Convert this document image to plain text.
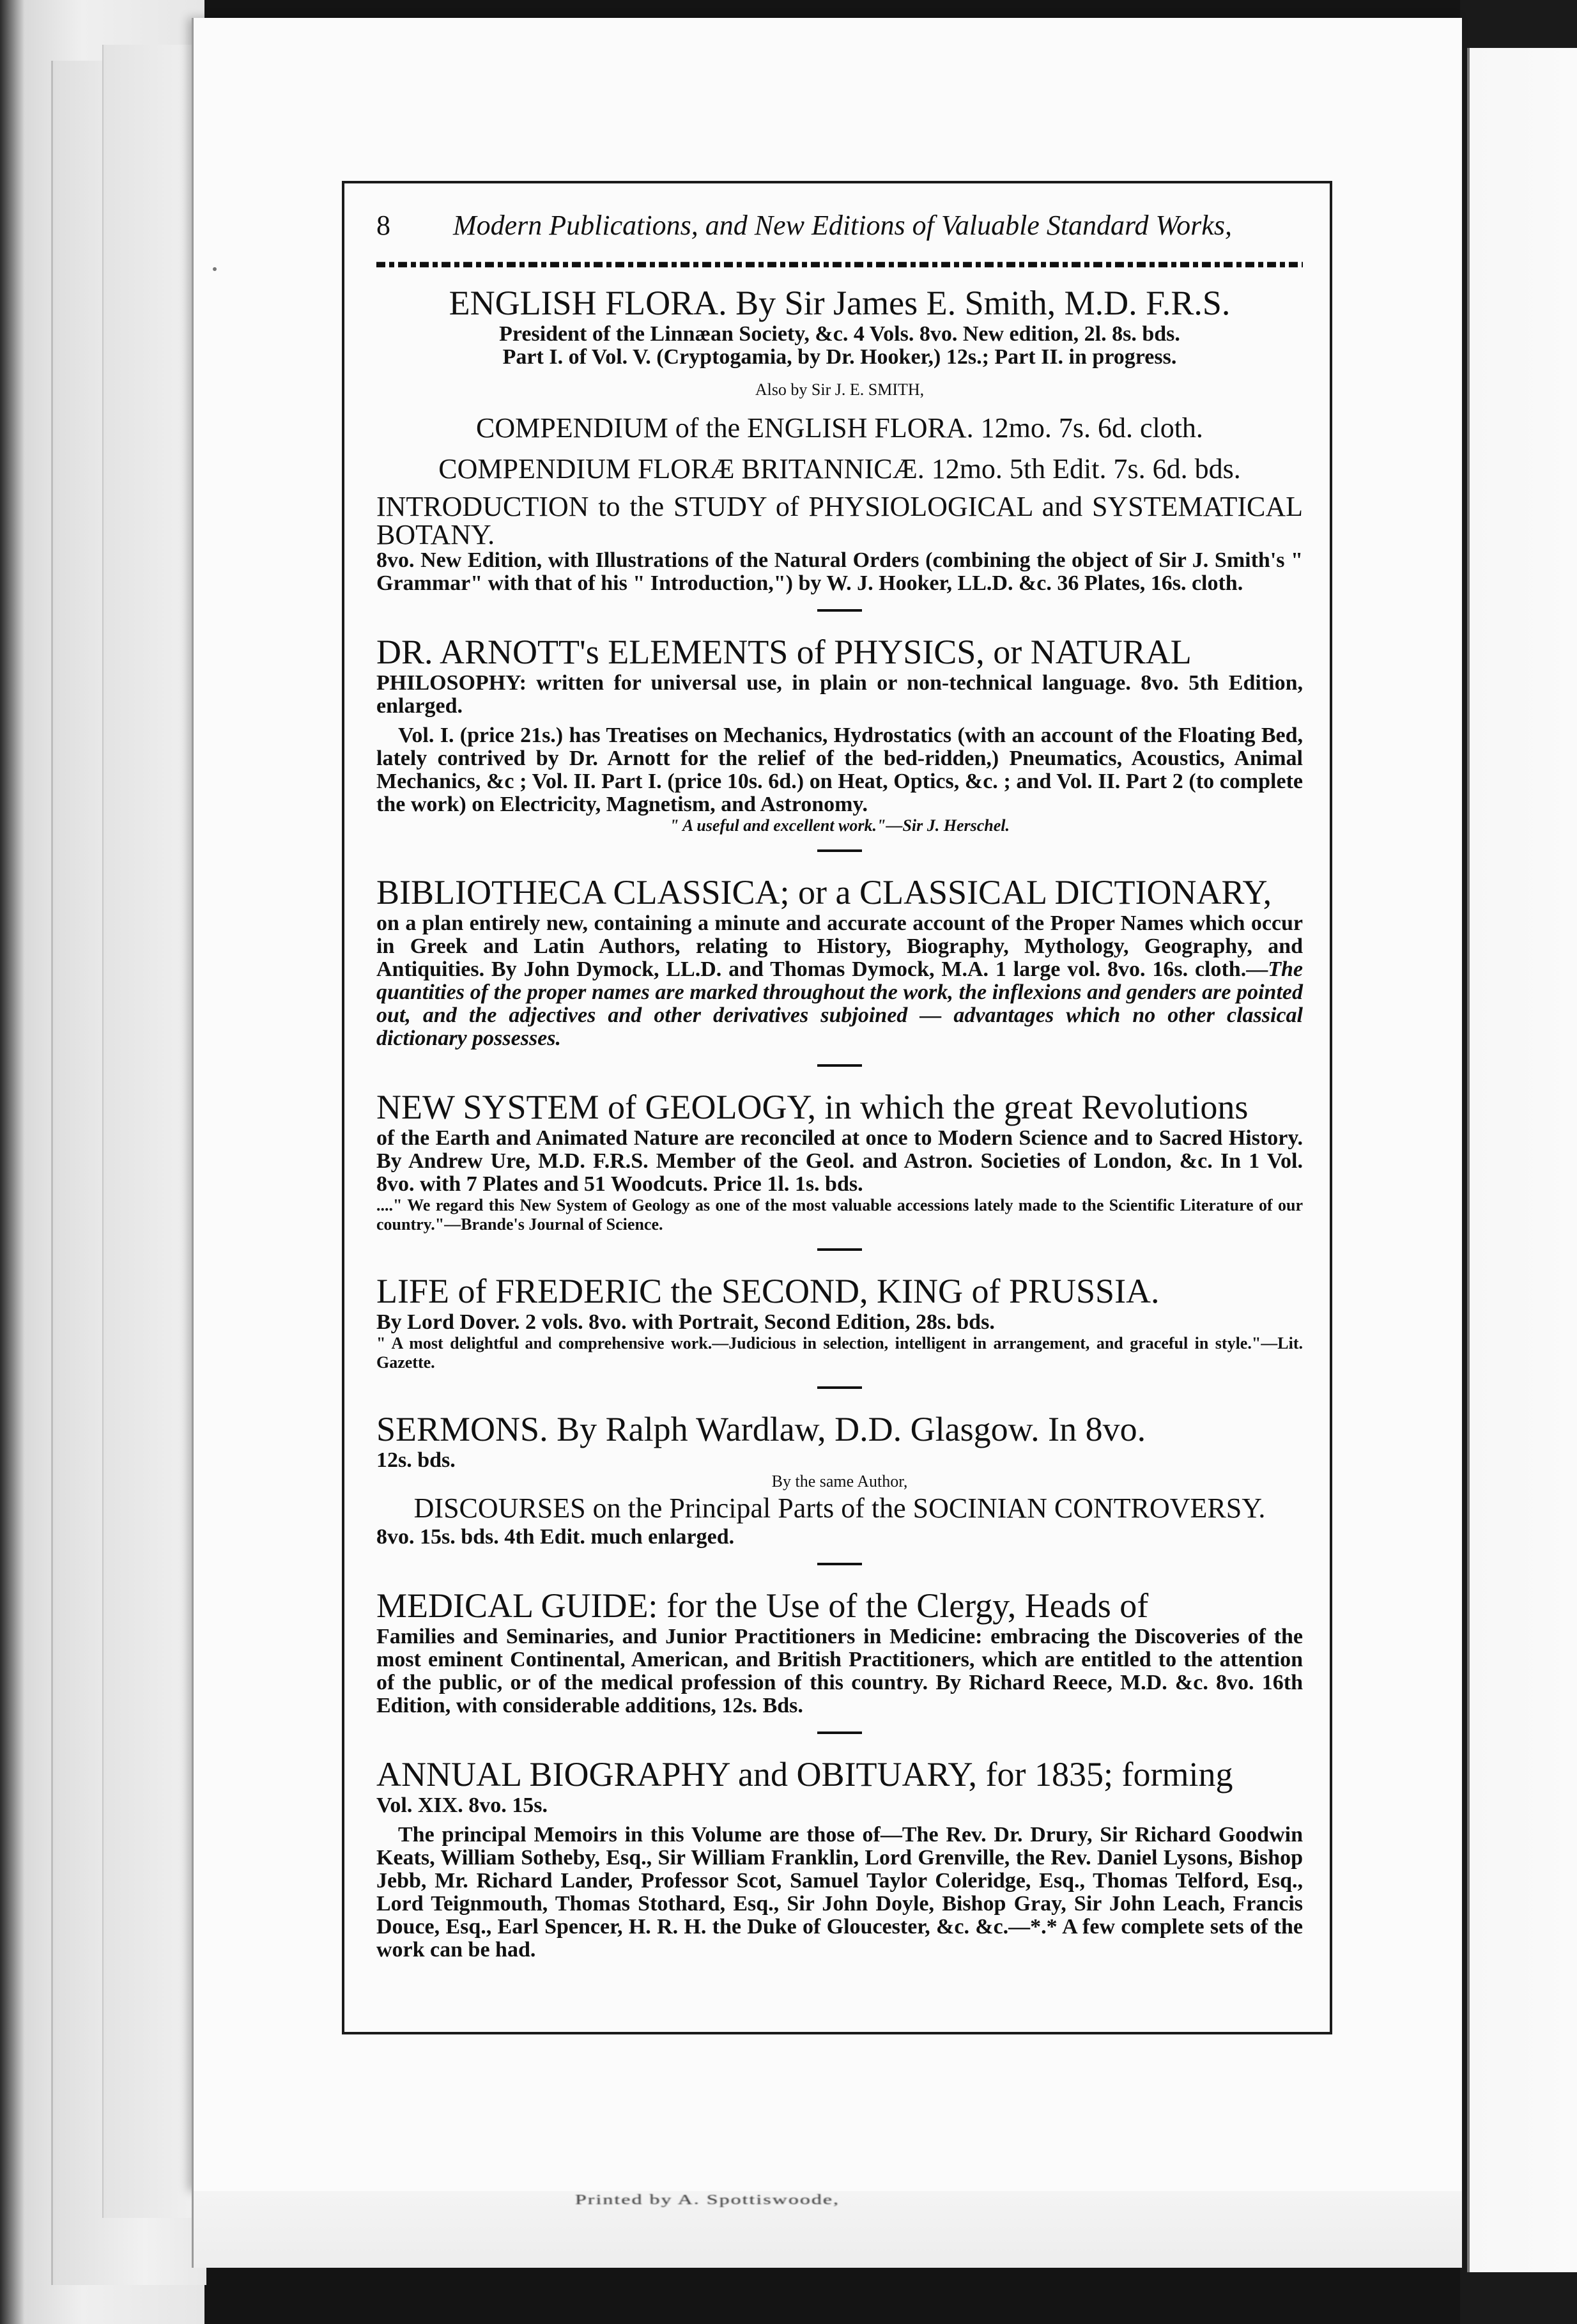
Printed by A. Spottiswoode,
8	Modern Publications, and New Editions of Valuable Standard Works,
ENGLISH FLORA. By Sir James E. Smith, M.D. F.R.S.
President of the Linnæan Society, &c. 4 Vols. 8vo. New edition, 2l. 8s. bds.
Part I. of Vol. V. (Cryptogamia, by Dr. Hooker,) 12s.; Part II. in progress.
Also by Sir J. E. SMITH,
COMPENDIUM of the ENGLISH FLORA. 12mo. 7s. 6d. cloth.
COMPENDIUM FLORÆ BRITANNICÆ. 12mo. 5th Edit. 7s. 6d. bds.
INTRODUCTION to the STUDY of PHYSIOLOGICAL and SYSTEMATICAL BOTANY.
8vo. New Edition, with Illustrations of the Natural Orders (combining the object of Sir J. Smith's " Grammar" with that of his " Introduction,") by W. J. Hooker, LL.D. &c. 36 Plates, 16s. cloth.
DR. ARNOTT's ELEMENTS of PHYSICS, or NATURAL
PHILOSOPHY: written for universal use, in plain or non-technical language. 8vo. 5th Edition, enlarged.
Vol. I. (price 21s.) has Treatises on Mechanics, Hydrostatics (with an account of the Floating Bed, lately contrived by Dr. Arnott for the relief of the bed-ridden,) Pneumatics, Acoustics, Animal Mechanics, &c ; Vol. II. Part I. (price 10s. 6d.) on Heat, Optics, &c. ; and Vol. II. Part 2 (to complete the work) on Electricity, Magnetism, and Astronomy.
" A useful and excellent work."—Sir J. Herschel.
BIBLIOTHECA CLASSICA; or a CLASSICAL DICTIONARY,
on a plan entirely new, containing a minute and accurate account of the Proper Names which occur in Greek and Latin Authors, relating to History, Biography, Mythology, Geography, and Antiquities. By John Dymock, LL.D. and Thomas Dymock, M.A. 1 large vol. 8vo. 16s. cloth.—The quantities of the proper names are marked throughout the work, the inflexions and genders are pointed out, and the adjectives and other derivatives subjoined — advantages which no other classical dictionary possesses.
NEW SYSTEM of GEOLOGY, in which the great Revolutions
of the Earth and Animated Nature are reconciled at once to Modern Science and to Sacred History. By Andrew Ure, M.D. F.R.S. Member of the Geol. and Astron. Societies of London, &c. In 1 Vol. 8vo. with 7 Plates and 51 Woodcuts. Price 1l. 1s. bds.
...." We regard this New System of Geology as one of the most valuable accessions lately made to the Scientific Literature of our country."—Brande's Journal of Science.
LIFE of FREDERIC the SECOND, KING of PRUSSIA.
By Lord Dover. 2 vols. 8vo. with Portrait, Second Edition, 28s. bds.
" A most delightful and comprehensive work.—Judicious in selection, intelligent in arrangement, and graceful in style."—Lit. Gazette.
SERMONS. By Ralph Wardlaw, D.D. Glasgow. In 8vo.
12s. bds.
By the same Author,
DISCOURSES on the Principal Parts of the SOCINIAN CONTROVERSY.
8vo. 15s. bds. 4th Edit. much enlarged.
MEDICAL GUIDE: for the Use of the Clergy, Heads of
Families and Seminaries, and Junior Practitioners in Medicine: embracing the Discoveries of the most eminent Continental, American, and British Practitioners, which are entitled to the attention of the public, or of the medical profession of this country. By Richard Reece, M.D. &c. 8vo. 16th Edition, with considerable additions, 12s. Bds.
ANNUAL BIOGRAPHY and OBITUARY, for 1835; forming
Vol. XIX. 8vo. 15s.
The principal Memoirs in this Volume are those of—The Rev. Dr. Drury, Sir Richard Goodwin Keats, William Sotheby, Esq., Sir William Franklin, Lord Grenville, the Rev. Daniel Lysons, Bishop Jebb, Mr. Richard Lander, Professor Scot, Samuel Taylor Coleridge, Esq., Thomas Telford, Esq., Lord Teignmouth, Thomas Stothard, Esq., Sir John Doyle, Bishop Gray, Sir John Leach, Francis Douce, Esq., Earl Spencer, H. R. H. the Duke of Gloucester, &c. &c.—*.* A few complete sets of the work can be had.
